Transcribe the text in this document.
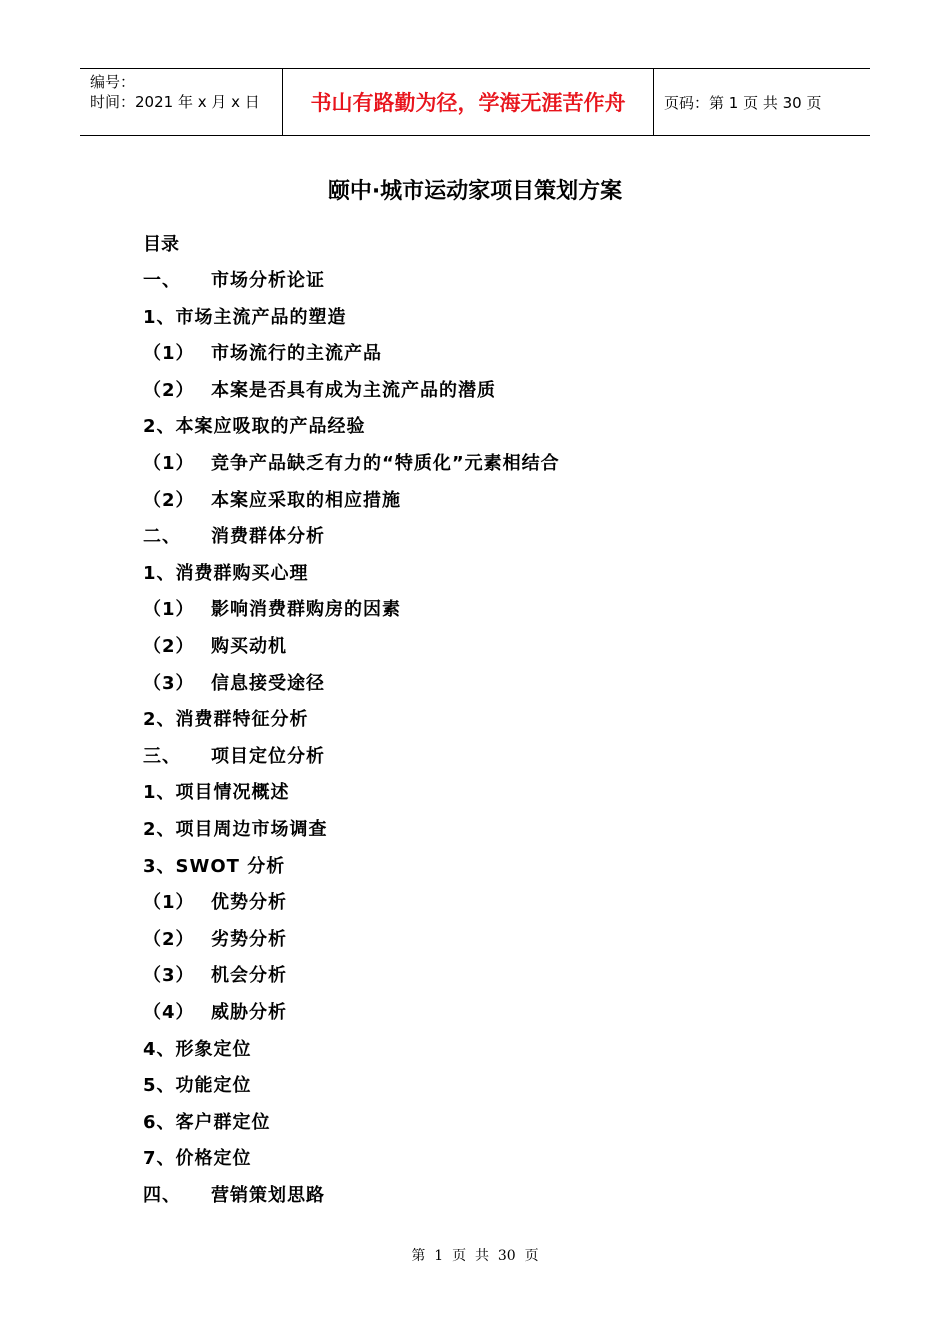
编号：
时间：2021 年 x 月 x 日	书山有路勤为径，学海无涯苦作舟	页码：第 1 页 共 30 页
颐中·城市运动家项目策划方案
目录
一、 市场分析论证
1、市场主流产品的塑造
（1） 市场流行的主流产品
（2） 本案是否具有成为主流产品的潜质
2、本案应吸取的产品经验
（1） 竞争产品缺乏有力的“特质化”元素相结合
（2） 本案应采取的相应措施
二、 消费群体分析
1、消费群购买心理
（1） 影响消费群购房的因素
（2） 购买动机
（3） 信息接受途径
2、消费群特征分析
三、 项目定位分析
1、项目情况概述
2、项目周边市场调查
3、SWOT 分析
（1） 优势分析
（2） 劣势分析
（3） 机会分析
（4） 威胁分析
4、形象定位
5、功能定位
6、客户群定位
7、价格定位
四、 营销策划思路
第  1  页  共  30  页
